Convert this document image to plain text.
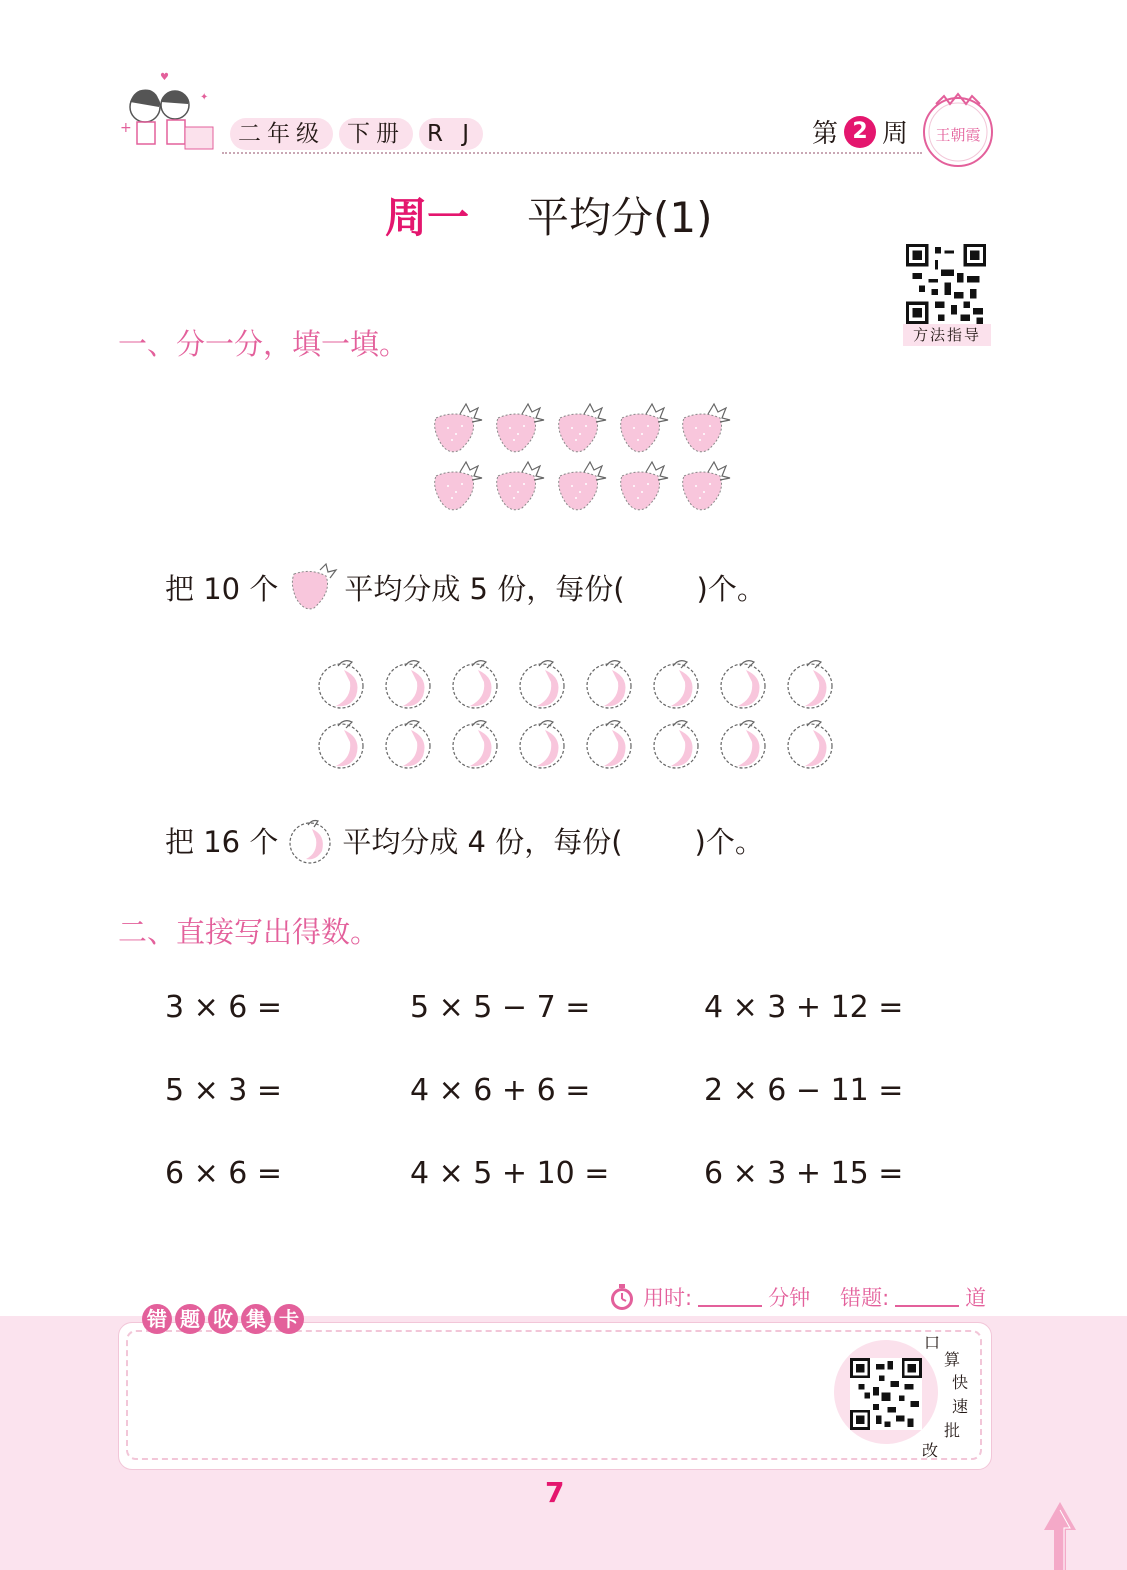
+
♥
✦
二年级 下册 R J	第 2 周 王朝霞
周一 平均分(1)
方法指导
一、分一分，填一填。
把 10 个 平均分成 5 份，每份( )个。
把 16 个 平均分成 4 份，每份( )个。
二、直接写出得数。
3 × 6 =	5 × 5 − 7 =	4 × 3 + 12 =
5 × 3 =	4 × 6 + 6 =	2 × 6 − 11 =
6 × 6 =	4 × 5 + 10 =	6 × 3 + 15 =
用时:	分钟 错题:	道
错 题 收 集 卡
口
算
快
速
批
改
7
